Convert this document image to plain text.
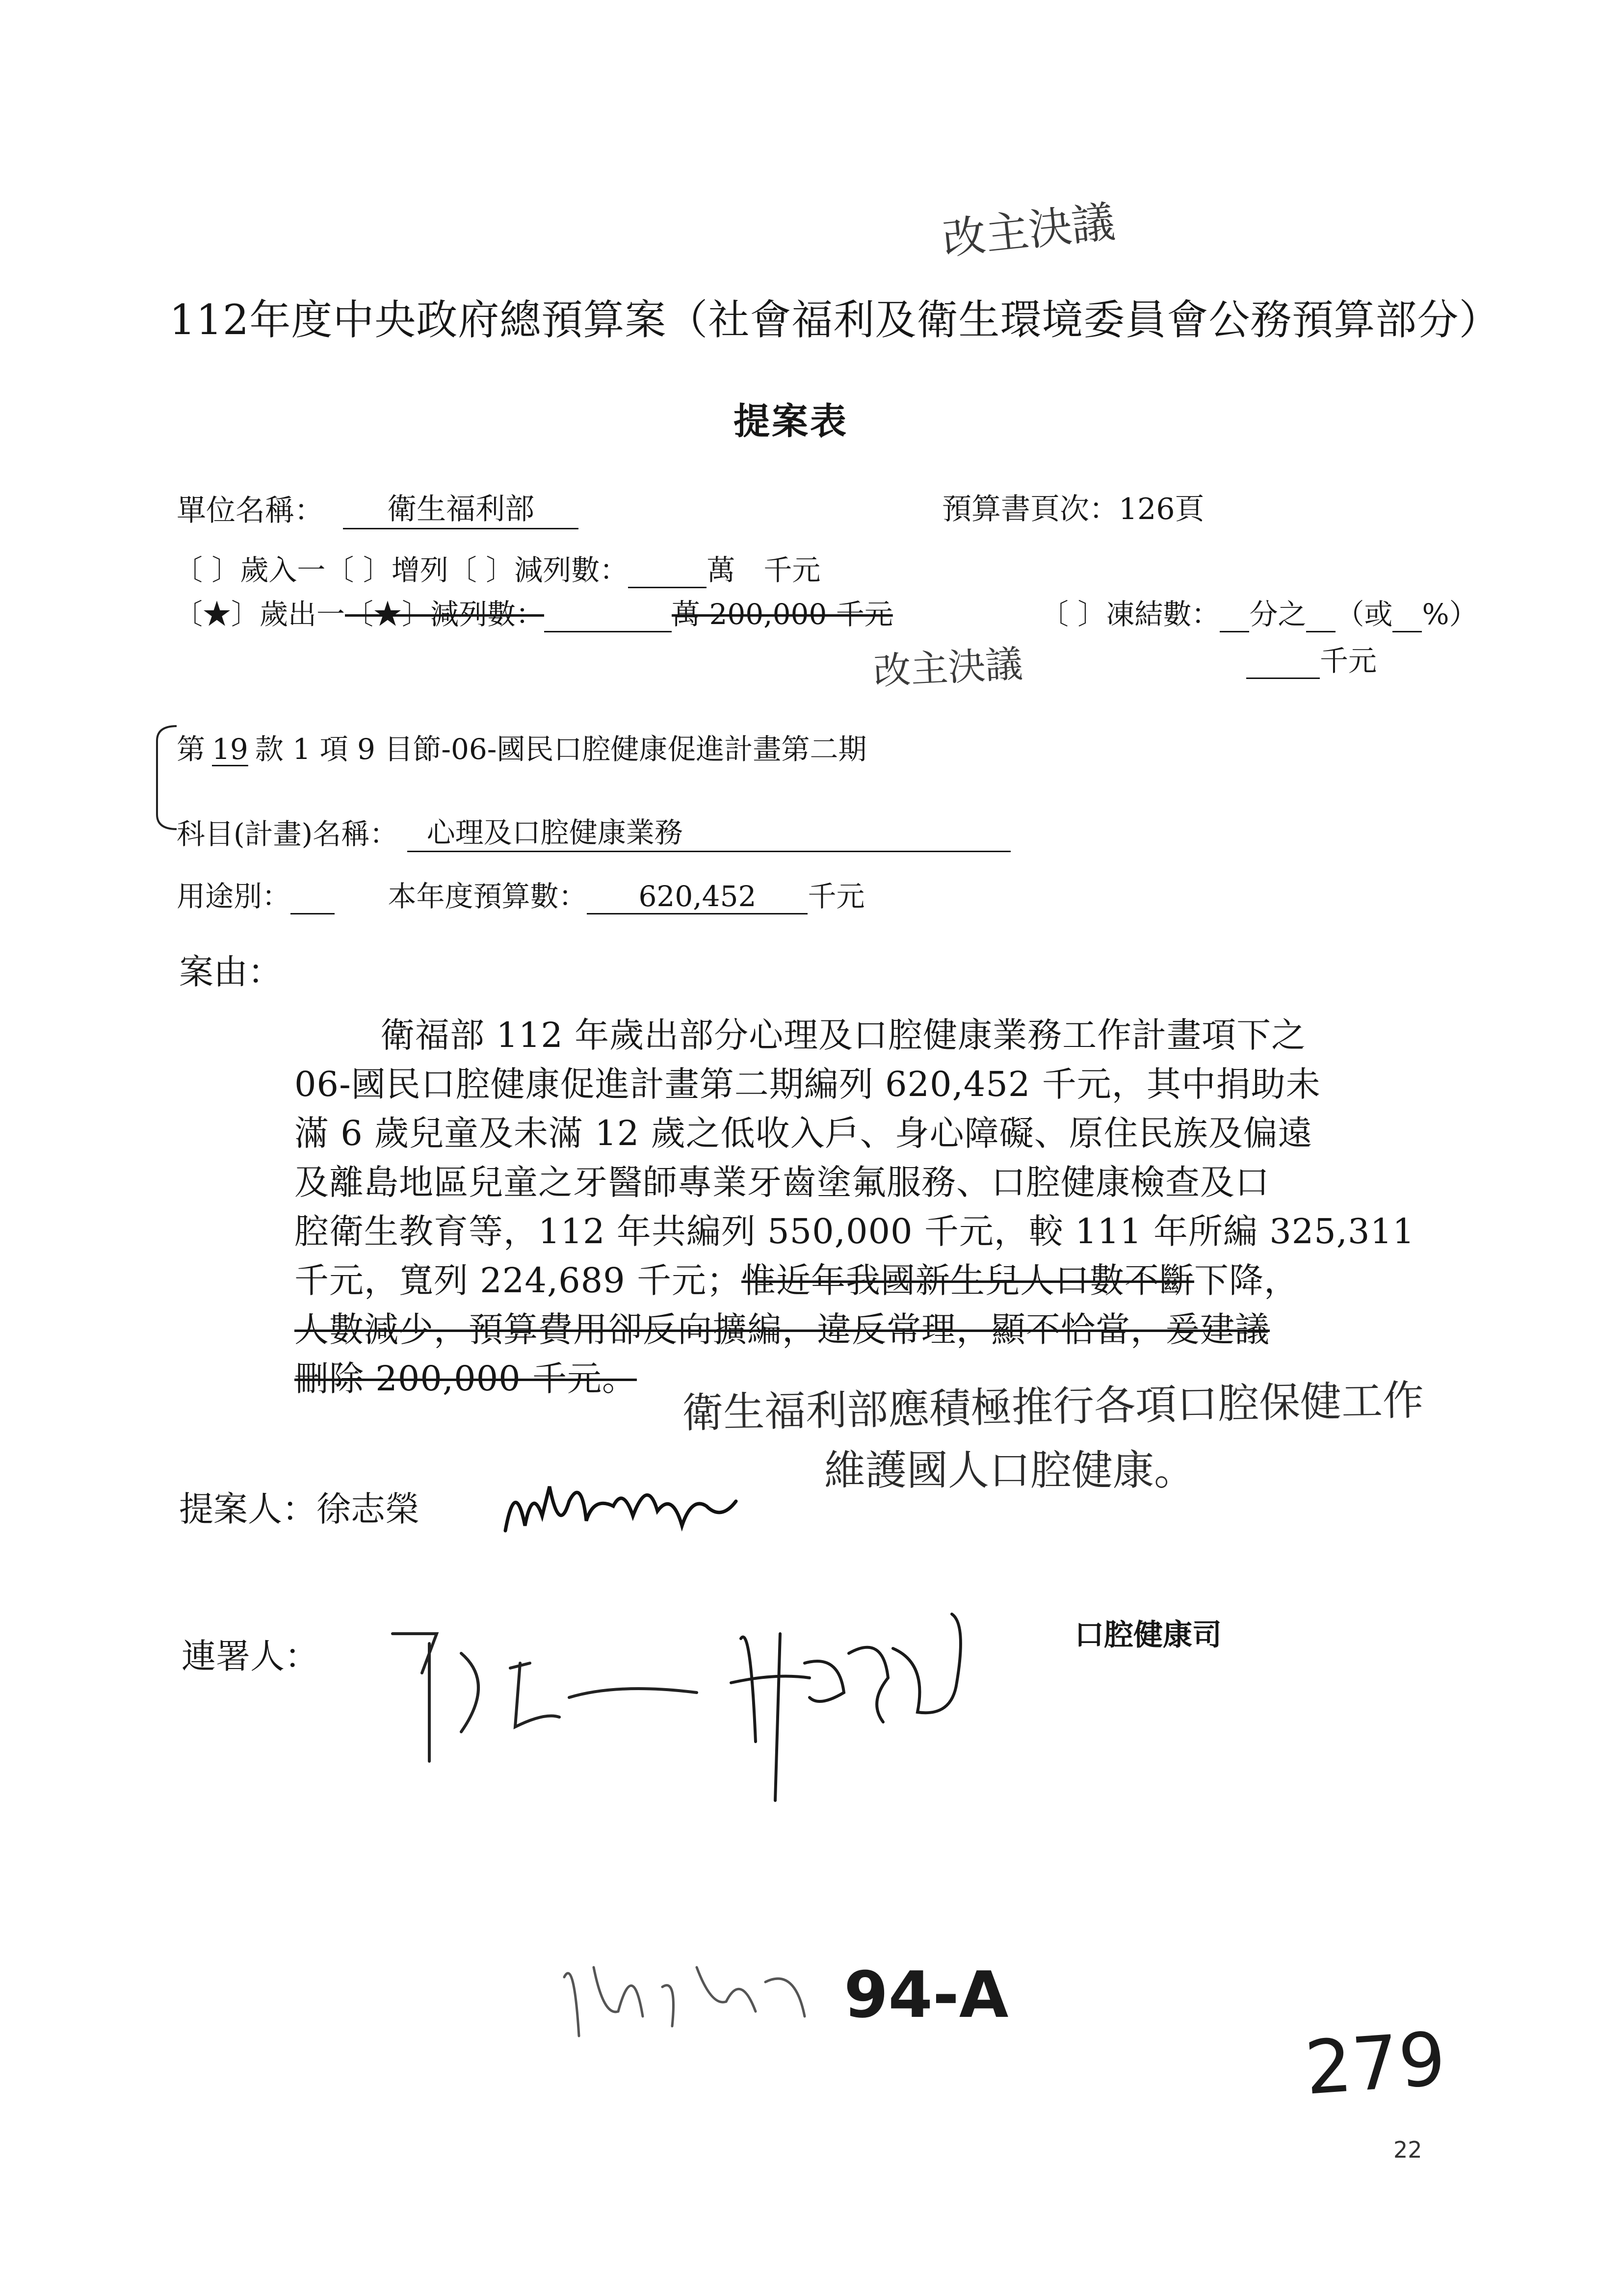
改主決議
112年度中央政府總預算案（社會福利及衛生環境委員會公務預算部分）
提案表
單位名稱： 衛生福利部	預算書頁次：126頁
〔 〕歲入一〔 〕增列〔 〕減列數：	萬　千元
〔★〕歲出一〔★〕減列數：	萬 200,000 千元	〔 〕凍結數： 分之 （或 %）
改主決議	千元
第 19 款 1 項 9 目節-06-國民口腔健康促進計畫第二期
科目(計畫)名稱： 心理及口腔健康業務
用途別：	本年度預算數： 620,452 千元
案由：

衛福部 112 年歲出部分心理及口腔健康業務工作計畫項下之

06-國民口腔健康促進計畫第二期編列 620,452 千元，其中捐助未

滿 6 歲兒童及未滿 12 歲之低收入戶、身心障礙、原住民族及偏遠

及離島地區兒童之牙醫師專業牙齒塗氟服務、口腔健康檢查及口

腔衛生教育等，112 年共編列 550,000 千元，較 111 年所編 325,311

千元，寬列 224,689 千元；惟近年我國新生兒人口數不斷下降，

人數減少，預算費用卻反向擴編，違反常理，顯不恰當，爰建議

刪除 200,000 千元。	衛生福利部應積極推行各項口腔保健工作
維護國人口腔健康。
提案人：徐志榮
連署人：
口腔健康司
94-A
279
22
